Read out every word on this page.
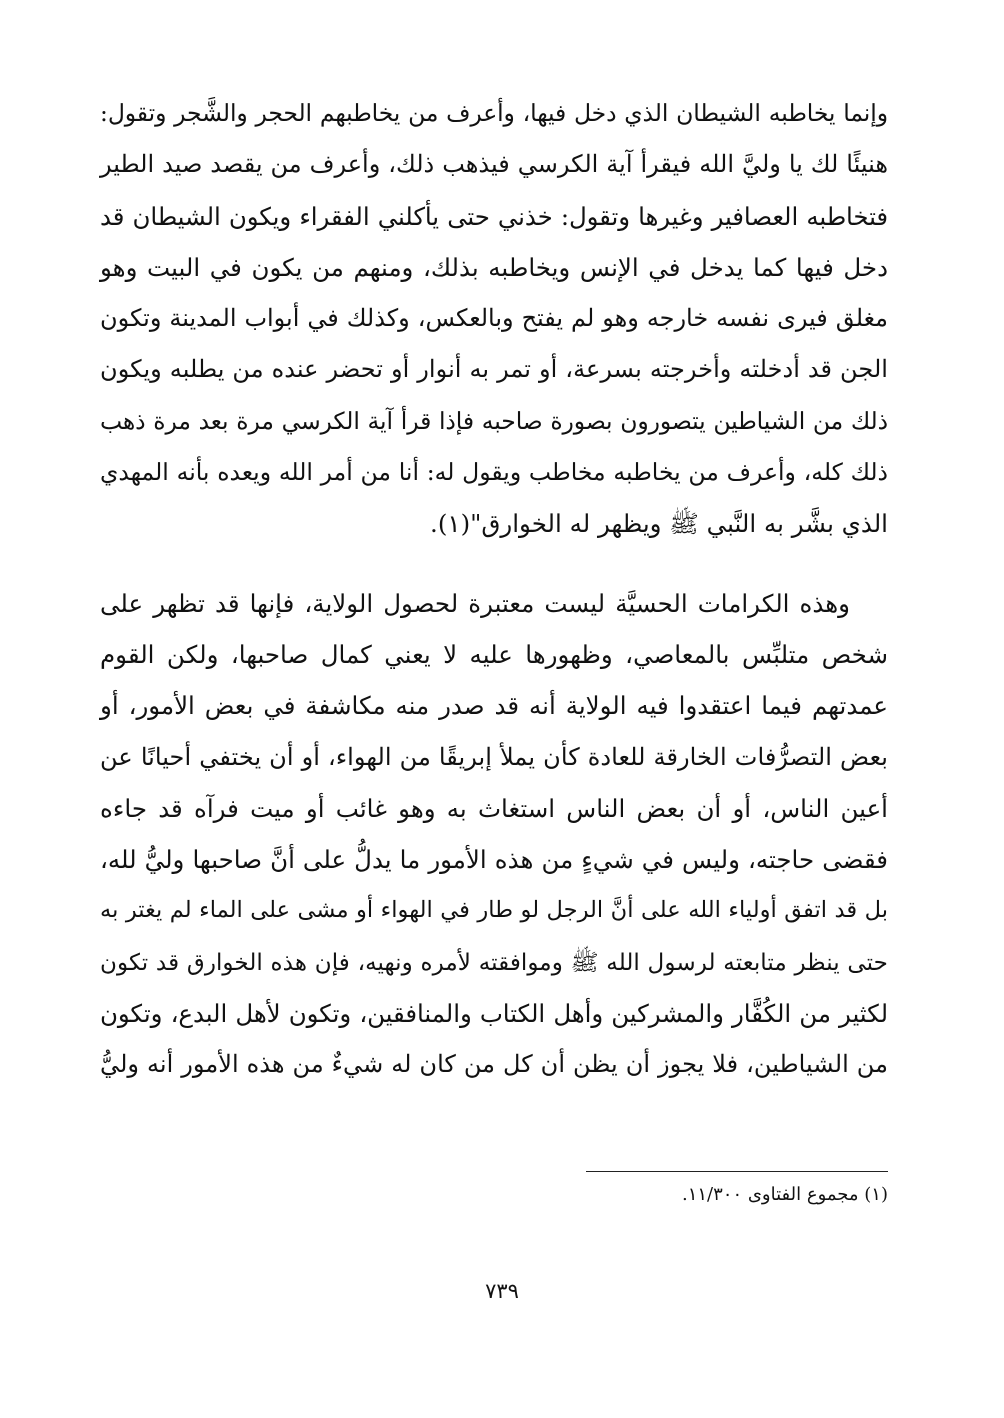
وإنما يخاطبه الشيطان الذي دخل فيها، وأعرف من يخاطبهم الحجر والشَّجر وتقول:
هنيئًا لك يا وليَّ الله فيقرأ آية الكرسي فيذهب ذلك، وأعرف من يقصد صيد الطير
فتخاطبه العصافير وغيرها وتقول: خذني حتى يأكلني الفقراء ويكون الشيطان قد
دخل فيها كما يدخل في الإنس ويخاطبه بذلك، ومنهم من يكون في البيت وهو
مغلق فيرى نفسه خارجه وهو لم يفتح وبالعكس، وكذلك في أبواب المدينة وتكون
الجن قد أدخلته وأخرجته بسرعة، أو تمر به أنوار أو تحضر عنده من يطلبه ويكون
ذلك من الشياطين يتصورون بصورة صاحبه فإذا قرأ آية الكرسي مرة بعد مرة ذهب
ذلك كله، وأعرف من يخاطبه مخاطب ويقول له: أنا من أمر الله ويعده بأنه المهدي
الذي بشَّر به النَّبي ﷺ ويظهر له الخوارق"(١).

وهذه الكرامات الحسيَّة ليست معتبرة لحصول الولاية، فإنها قد تظهر على
شخص متلبِّس بالمعاصي، وظهورها عليه لا يعني كمال صاحبها، ولكن القوم
عمدتهم فيما اعتقدوا فيه الولاية أنه قد صدر منه مكاشفة في بعض الأمور، أو
بعض التصرُّفات الخارقة للعادة كأن يملأ إبريقًا من الهواء، أو أن يختفي أحيانًا عن
أعين الناس، أو أن بعض الناس استغاث به وهو غائب أو ميت فرآه قد جاءه
فقضى حاجته، وليس في شيءٍ من هذه الأمور ما يدلُّ على أنَّ صاحبها وليُّ لله،
بل قد اتفق أولياء الله على أنَّ الرجل لو طار في الهواء أو مشى على الماء لم يغتر به
حتى ينظر متابعته لرسول الله ﷺ وموافقته لأمره ونهيه، فإن هذه الخوارق قد تكون
لكثير من الكُفَّار والمشركين وأهل الكتاب والمنافقين، وتكون لأهل البدع، وتكون
من الشياطين، فلا يجوز أن يظن أن كل من كان له شيءٌ من هذه الأمور أنه وليُّ

(١) مجموع الفتاوى ١١/٣٠٠.
٧٣٩
